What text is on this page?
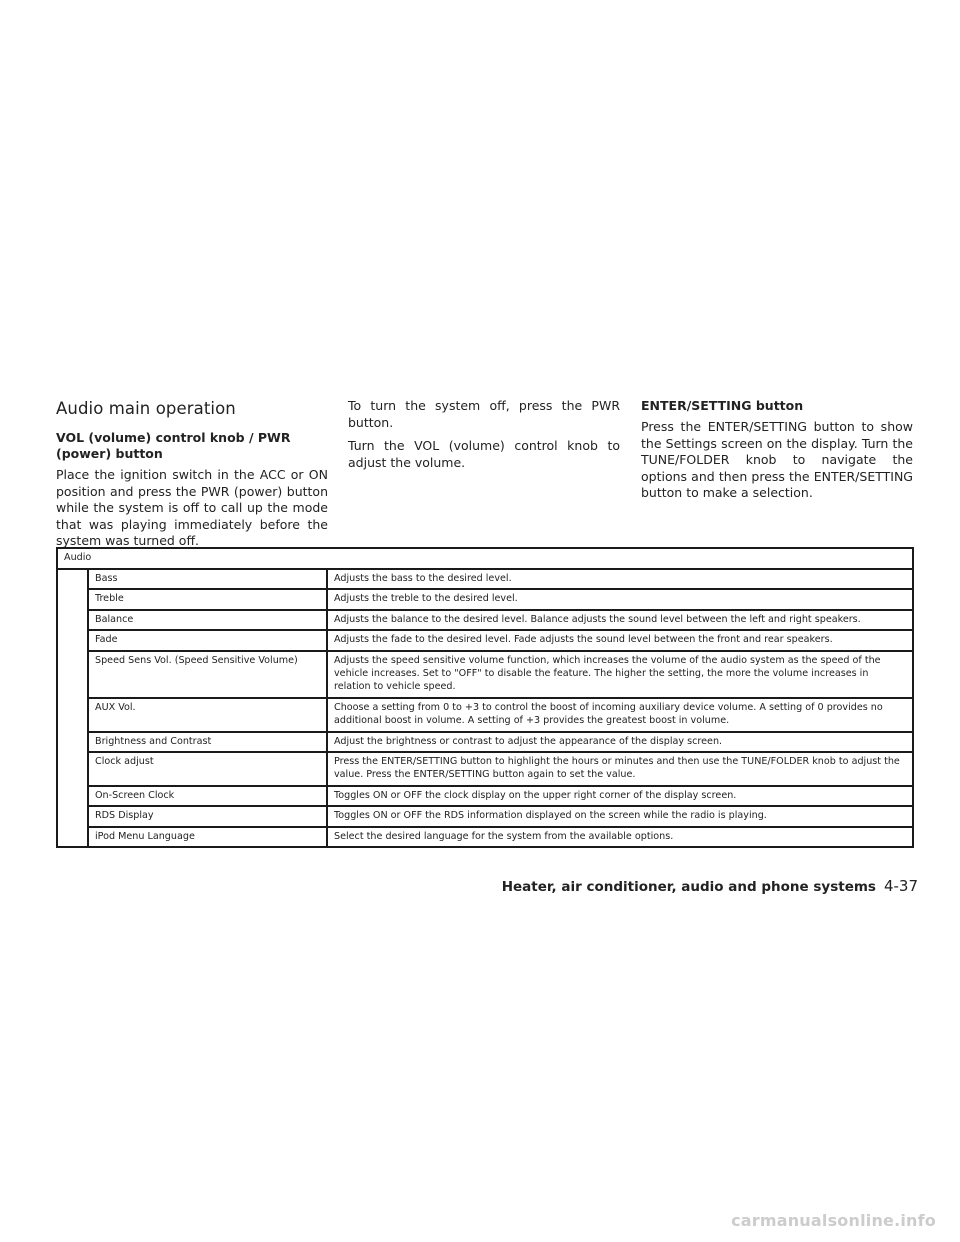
Audio main operation
VOL (volume) control knob / PWR (power) button

Place the ignition switch in the ACC or ON position and press the PWR (power) button while the system is off to call up the mode that was playing immediately before the system was turned off.

To turn the system off, press the PWR button.

Turn the VOL (volume) control knob to adjust the volume.

ENTER/SETTING button

Press the ENTER/SETTING button to show the Settings screen on the display. Turn the TUNE/FOLDER knob to navigate the options and then press the ENTER/SETTING button to make a selection.

Audio		
	Bass	Adjusts the bass to the desired level.
	Treble	Adjusts the treble to the desired level.
	Balance	Adjusts the balance to the desired level. Balance adjusts the sound level between the left and right speakers.
	Fade	Adjusts the fade to the desired level. Fade adjusts the sound level between the front and rear speakers.
	Speed Sens Vol. (Speed Sensitive Volume)	Adjusts the speed sensitive volume function, which increases the volume of the audio system as the speed of the vehicle increases. Set to "OFF" to disable the feature. The higher the setting, the more the volume increases in relation to vehicle speed.
	AUX Vol.	Choose a setting from 0 to +3 to control the boost of incoming auxiliary device volume. A setting of 0 provides no additional boost in volume. A setting of +3 provides the greatest boost in volume.
	Brightness and Contrast	Adjust the brightness or contrast to adjust the appearance of the display screen.
	Clock adjust	Press the ENTER/SETTING button to highlight the hours or minutes and then use the TUNE/FOLDER knob to adjust the value. Press the ENTER/SETTING button again to set the value.
	On-Screen Clock	Toggles ON or OFF the clock display on the upper right corner of the display screen.
	RDS Display	Toggles ON or OFF the RDS information displayed on the screen while the radio is playing.
	iPod Menu Language	Select the desired language for the system from the available options.
Heater, air conditioner, audio and phone systems 4-37
carmanualsonline.info
